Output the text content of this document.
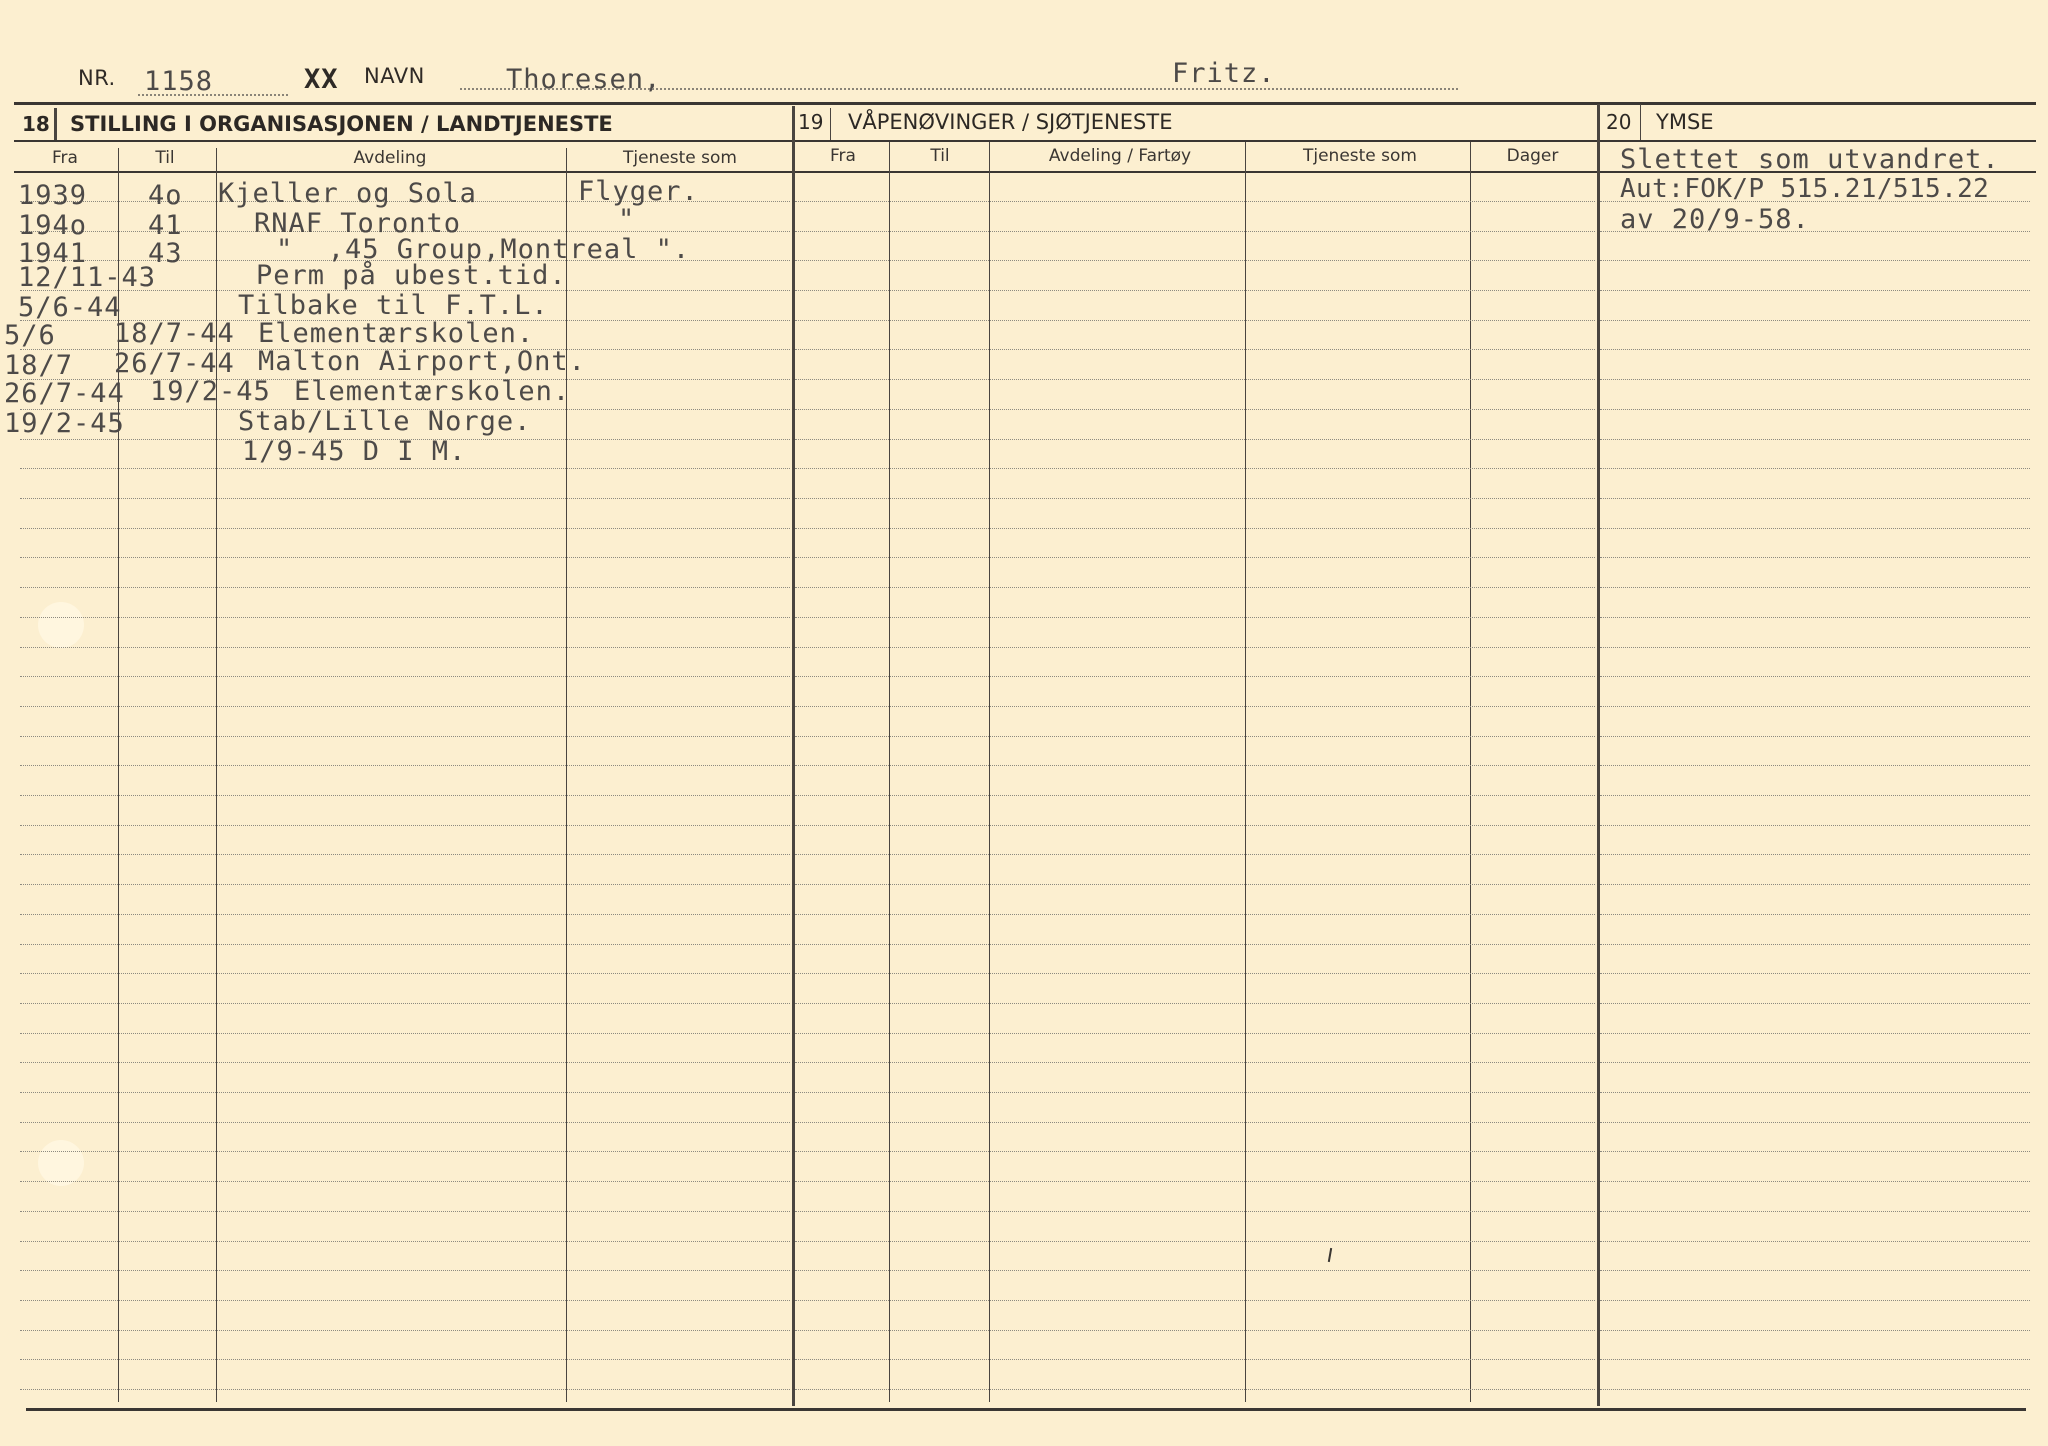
NR. 1158	XX NAVN	Thoresen,	Fritz.
18 STILLING I ORGANISASJONEN / LANDTJENESTE
Fra	Til	Avdeling	Tjeneste som
19 VÅPENØVINGER / SJØTJENESTE
Fra	Til	Avdeling / Fartøy	Tjeneste som	Dager
20 YMSE
1939 4o Kjeller og Sola	Flyger.
194o 41	RNAF Toronto	"
1941 43	"  ,45 Group,Montreal ".
12/11-43	Perm på ubest.tid.
5/6-44	Tilbake til F.T.L.
5/6 18/7-44 Elementærskolen.
18/7 26/7-44 Malton Airport,Ont.
26/7-44 19/2-45 Elementærskolen.
19/2-45	Stab/Lille Norge.
1/9-45 D I M.
Slettet som utvandret.
Aut:FOK/P 515.21/515.22
av 20/9-58.
